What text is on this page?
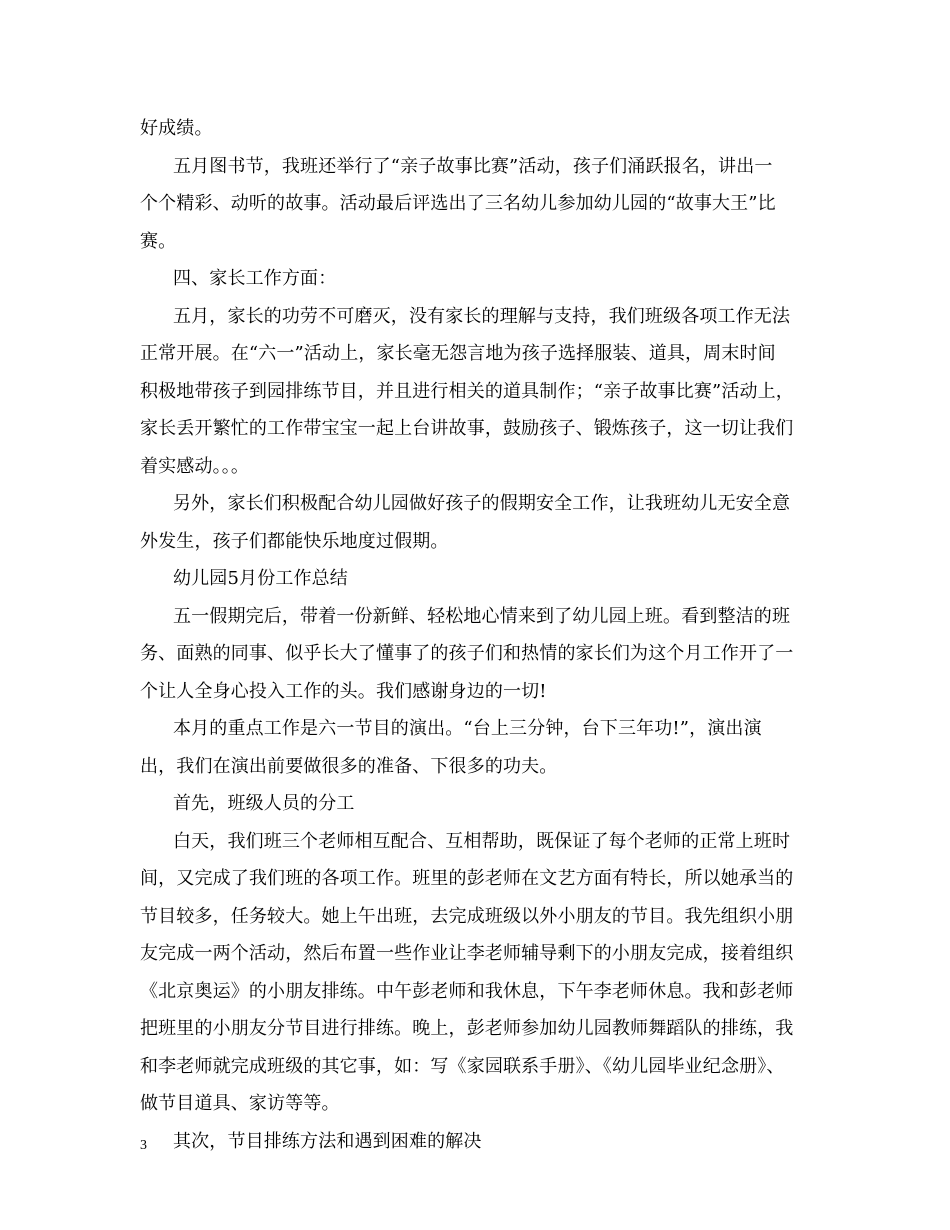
好成绩。
五月图书节，我班还举行了“亲子故事比赛”活动，孩子们涌跃报名，讲出一
个个精彩、动听的故事。活动最后评选出了三名幼儿参加幼儿园的“故事大王”比
赛。
四、家长工作方面：
五月，家长的功劳不可磨灭，没有家长的理解与支持，我们班级各项工作无法
正常开展。在“六一”活动上，家长毫无怨言地为孩子选择服装、道具，周末时间
积极地带孩子到园排练节目，并且进行相关的道具制作；“亲子故事比赛”活动上，
家长丢开繁忙的工作带宝宝一起上台讲故事，鼓励孩子、锻炼孩子，这一切让我们
着实感动。。。
另外，家长们积极配合幼儿园做好孩子的假期安全工作，让我班幼儿无安全意
外发生，孩子们都能快乐地度过假期。
幼儿园5月份工作总结
五一假期完后，带着一份新鲜、轻松地心情来到了幼儿园上班。看到整洁的班
务、面熟的同事、似乎长大了懂事了的孩子们和热情的家长们为这个月工作开了一
个让人全身心投入工作的头。我们感谢身边的一切!
本月的重点工作是六一节目的演出。“台上三分钟，台下三年功!”，演出演
出，我们在演出前要做很多的准备、下很多的功夫。
首先，班级人员的分工
白天，我们班三个老师相互配合、互相帮助，既保证了每个老师的正常上班时
间，又完成了我们班的各项工作。班里的彭老师在文艺方面有特长，所以她承当的
节目较多，任务较大。她上午出班，去完成班级以外小朋友的节目。我先组织小朋
友完成一两个活动，然后布置一些作业让李老师辅导剩下的小朋友完成，接着组织
《北京奥运》的小朋友排练。中午彭老师和我休息，下午李老师休息。我和彭老师
把班里的小朋友分节目进行排练。晚上，彭老师参加幼儿园教师舞蹈队的排练，我
和李老师就完成班级的其它事，如：写《家园联系手册》、《幼儿园毕业纪念册》、
做节目道具、家访等等。
其次，节目排练方法和遇到困难的解决
3
